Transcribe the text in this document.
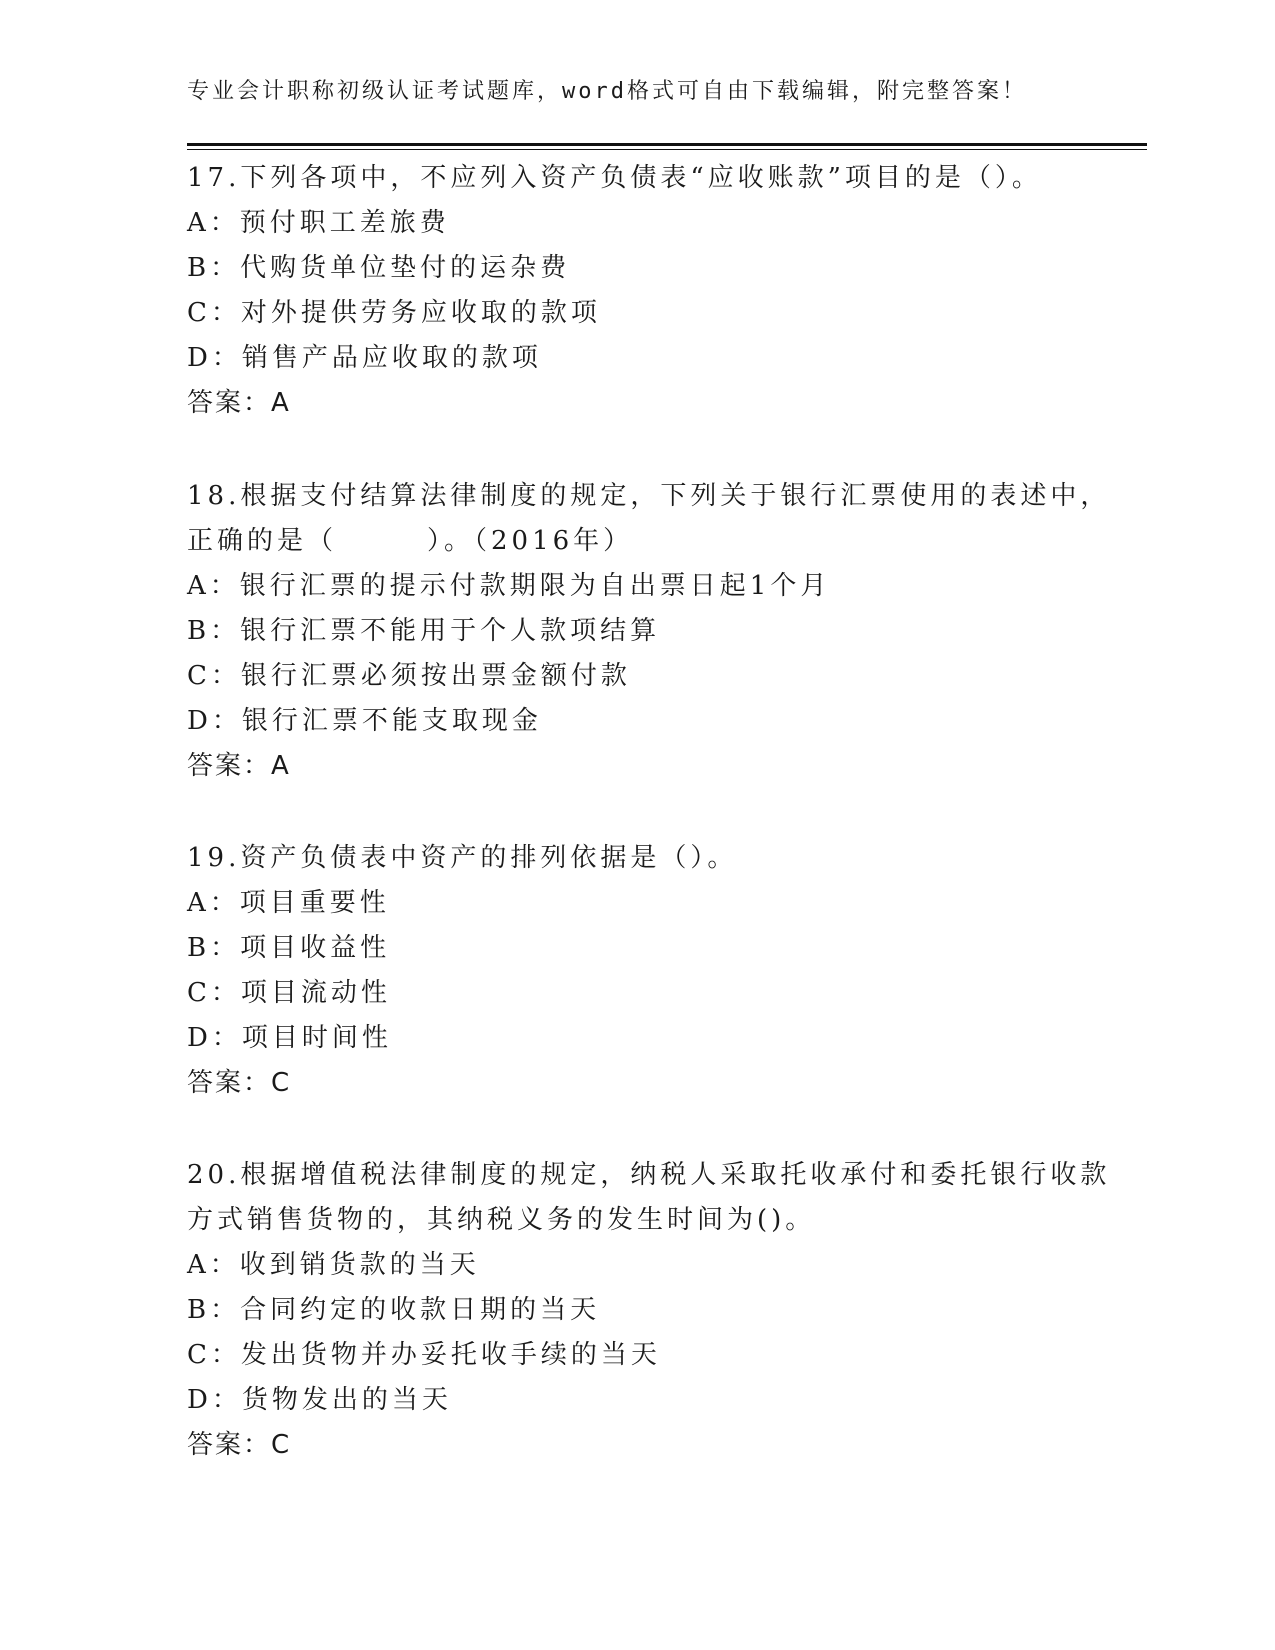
专业会计职称初级认证考试题库，word格式可自由下载编辑，附完整答案！
17.下列各项中，不应列入资产负债表“应收账款”项目的是（）。
A：预付职工差旅费
B：代购货单位垫付的运杂费
C：对外提供劳务应收取的款项
D：销售产品应收取的款项
答案：A
18.根据支付结算法律制度的规定，下列关于银行汇票使用的表述中，
正确的是（　　　）。（2016年）
A：银行汇票的提示付款期限为自出票日起1个月
B：银行汇票不能用于个人款项结算
C：银行汇票必须按出票金额付款
D：银行汇票不能支取现金
答案：A
19.资产负债表中资产的排列依据是（）。
A：项目重要性
B：项目收益性
C：项目流动性
D：项目时间性
答案：C
20.根据增值税法律制度的规定，纳税人采取托收承付和委托银行收款
方式销售货物的，其纳税义务的发生时间为()。
A：收到销货款的当天
B：合同约定的收款日期的当天
C：发出货物并办妥托收手续的当天
D：货物发出的当天
答案：C
